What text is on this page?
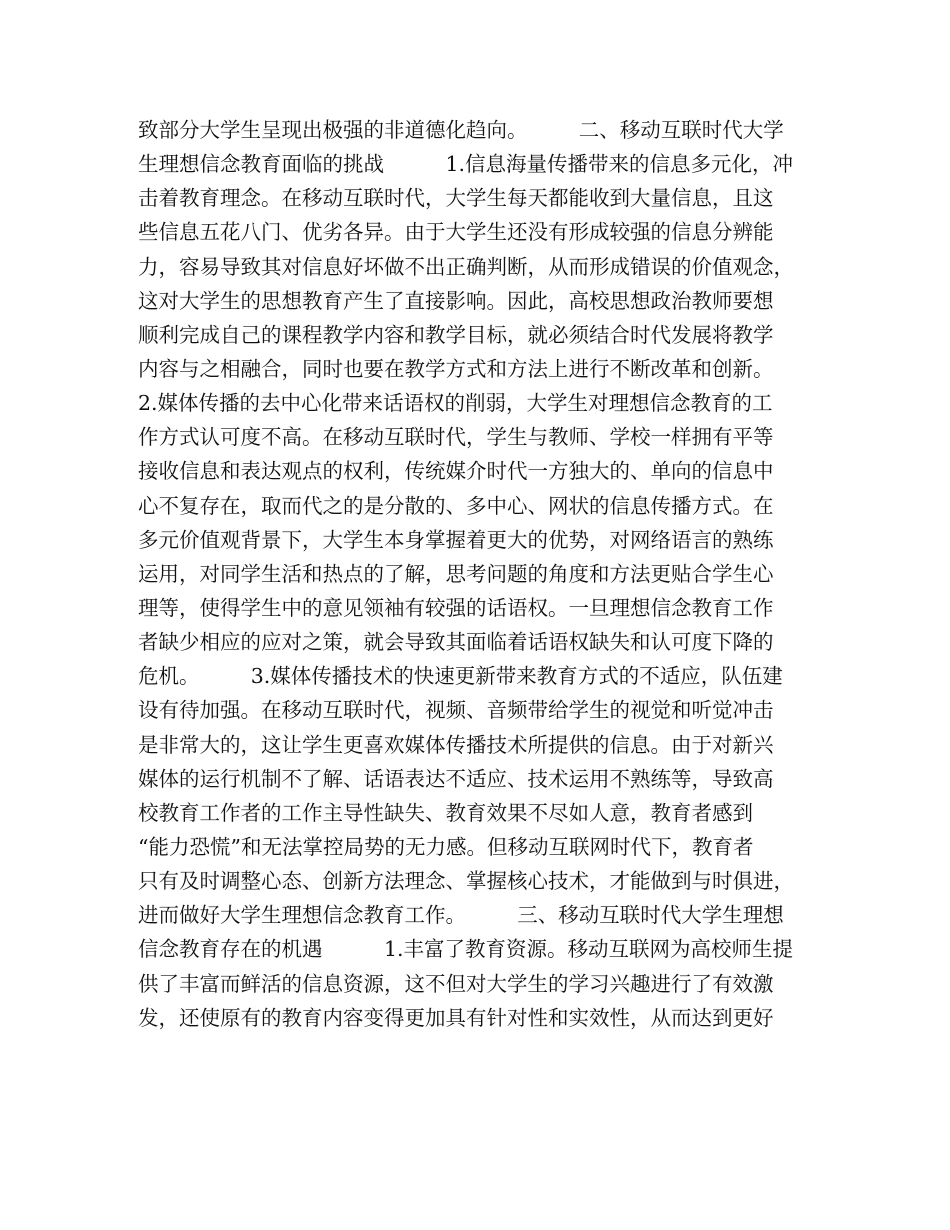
致部分大学生呈现出极强的非道德化趋向。　　　二、移动互联时代大学
生理想信念教育面临的挑战　　　1.信息海量传播带来的信息多元化，冲
击着教育理念。在移动互联时代，大学生每天都能收到大量信息，且这
些信息五花八门、优劣各异。由于大学生还没有形成较强的信息分辨能
力，容易导致其对信息好坏做不出正确判断，从而形成错误的价值观念，
这对大学生的思想教育产生了直接影响。因此，高校思想政治教师要想
顺利完成自己的课程教学内容和教学目标，就必须结合时代发展将教学
内容与之相融合，同时也要在教学方式和方法上进行不断改革和创新。
2.媒体传播的去中心化带来话语权的削弱，大学生对理想信念教育的工
作方式认可度不高。在移动互联时代，学生与教师、学校一样拥有平等
接收信息和表达观点的权利，传统媒介时代一方独大的、单向的信息中
心不复存在，取而代之的是分散的、多中心、网状的信息传播方式。在
多元价值观背景下，大学生本身掌握着更大的优势，对网络语言的熟练
运用，对同学生活和热点的了解，思考问题的角度和方法更贴合学生心
理等，使得学生中的意见领袖有较强的话语权。一旦理想信念教育工作
者缺少相应的应对之策，就会导致其面临着话语权缺失和认可度下降的
危机。　　　3.媒体传播技术的快速更新带来教育方式的不适应，队伍建
设有待加强。在移动互联时代，视频、音频带给学生的视觉和听觉冲击
是非常大的，这让学生更喜欢媒体传播技术所提供的信息。由于对新兴
媒体的运行机制不了解、话语表达不适应、技术运用不熟练等，导致高
校教育工作者的工作主导性缺失、教育效果不尽如人意，教育者感到
“能力恐慌”和无法掌控局势的无力感。但移动互联网时代下，教育者
只有及时调整心态、创新方法理念、掌握核心技术，才能做到与时俱进，
进而做好大学生理想信念教育工作。　　　三、移动互联时代大学生理想
信念教育存在的机遇　　　1.丰富了教育资源。移动互联网为高校师生提
供了丰富而鲜活的信息资源，这不但对大学生的学习兴趣进行了有效激
发，还使原有的教育内容变得更加具有针对性和实效性，从而达到更好
